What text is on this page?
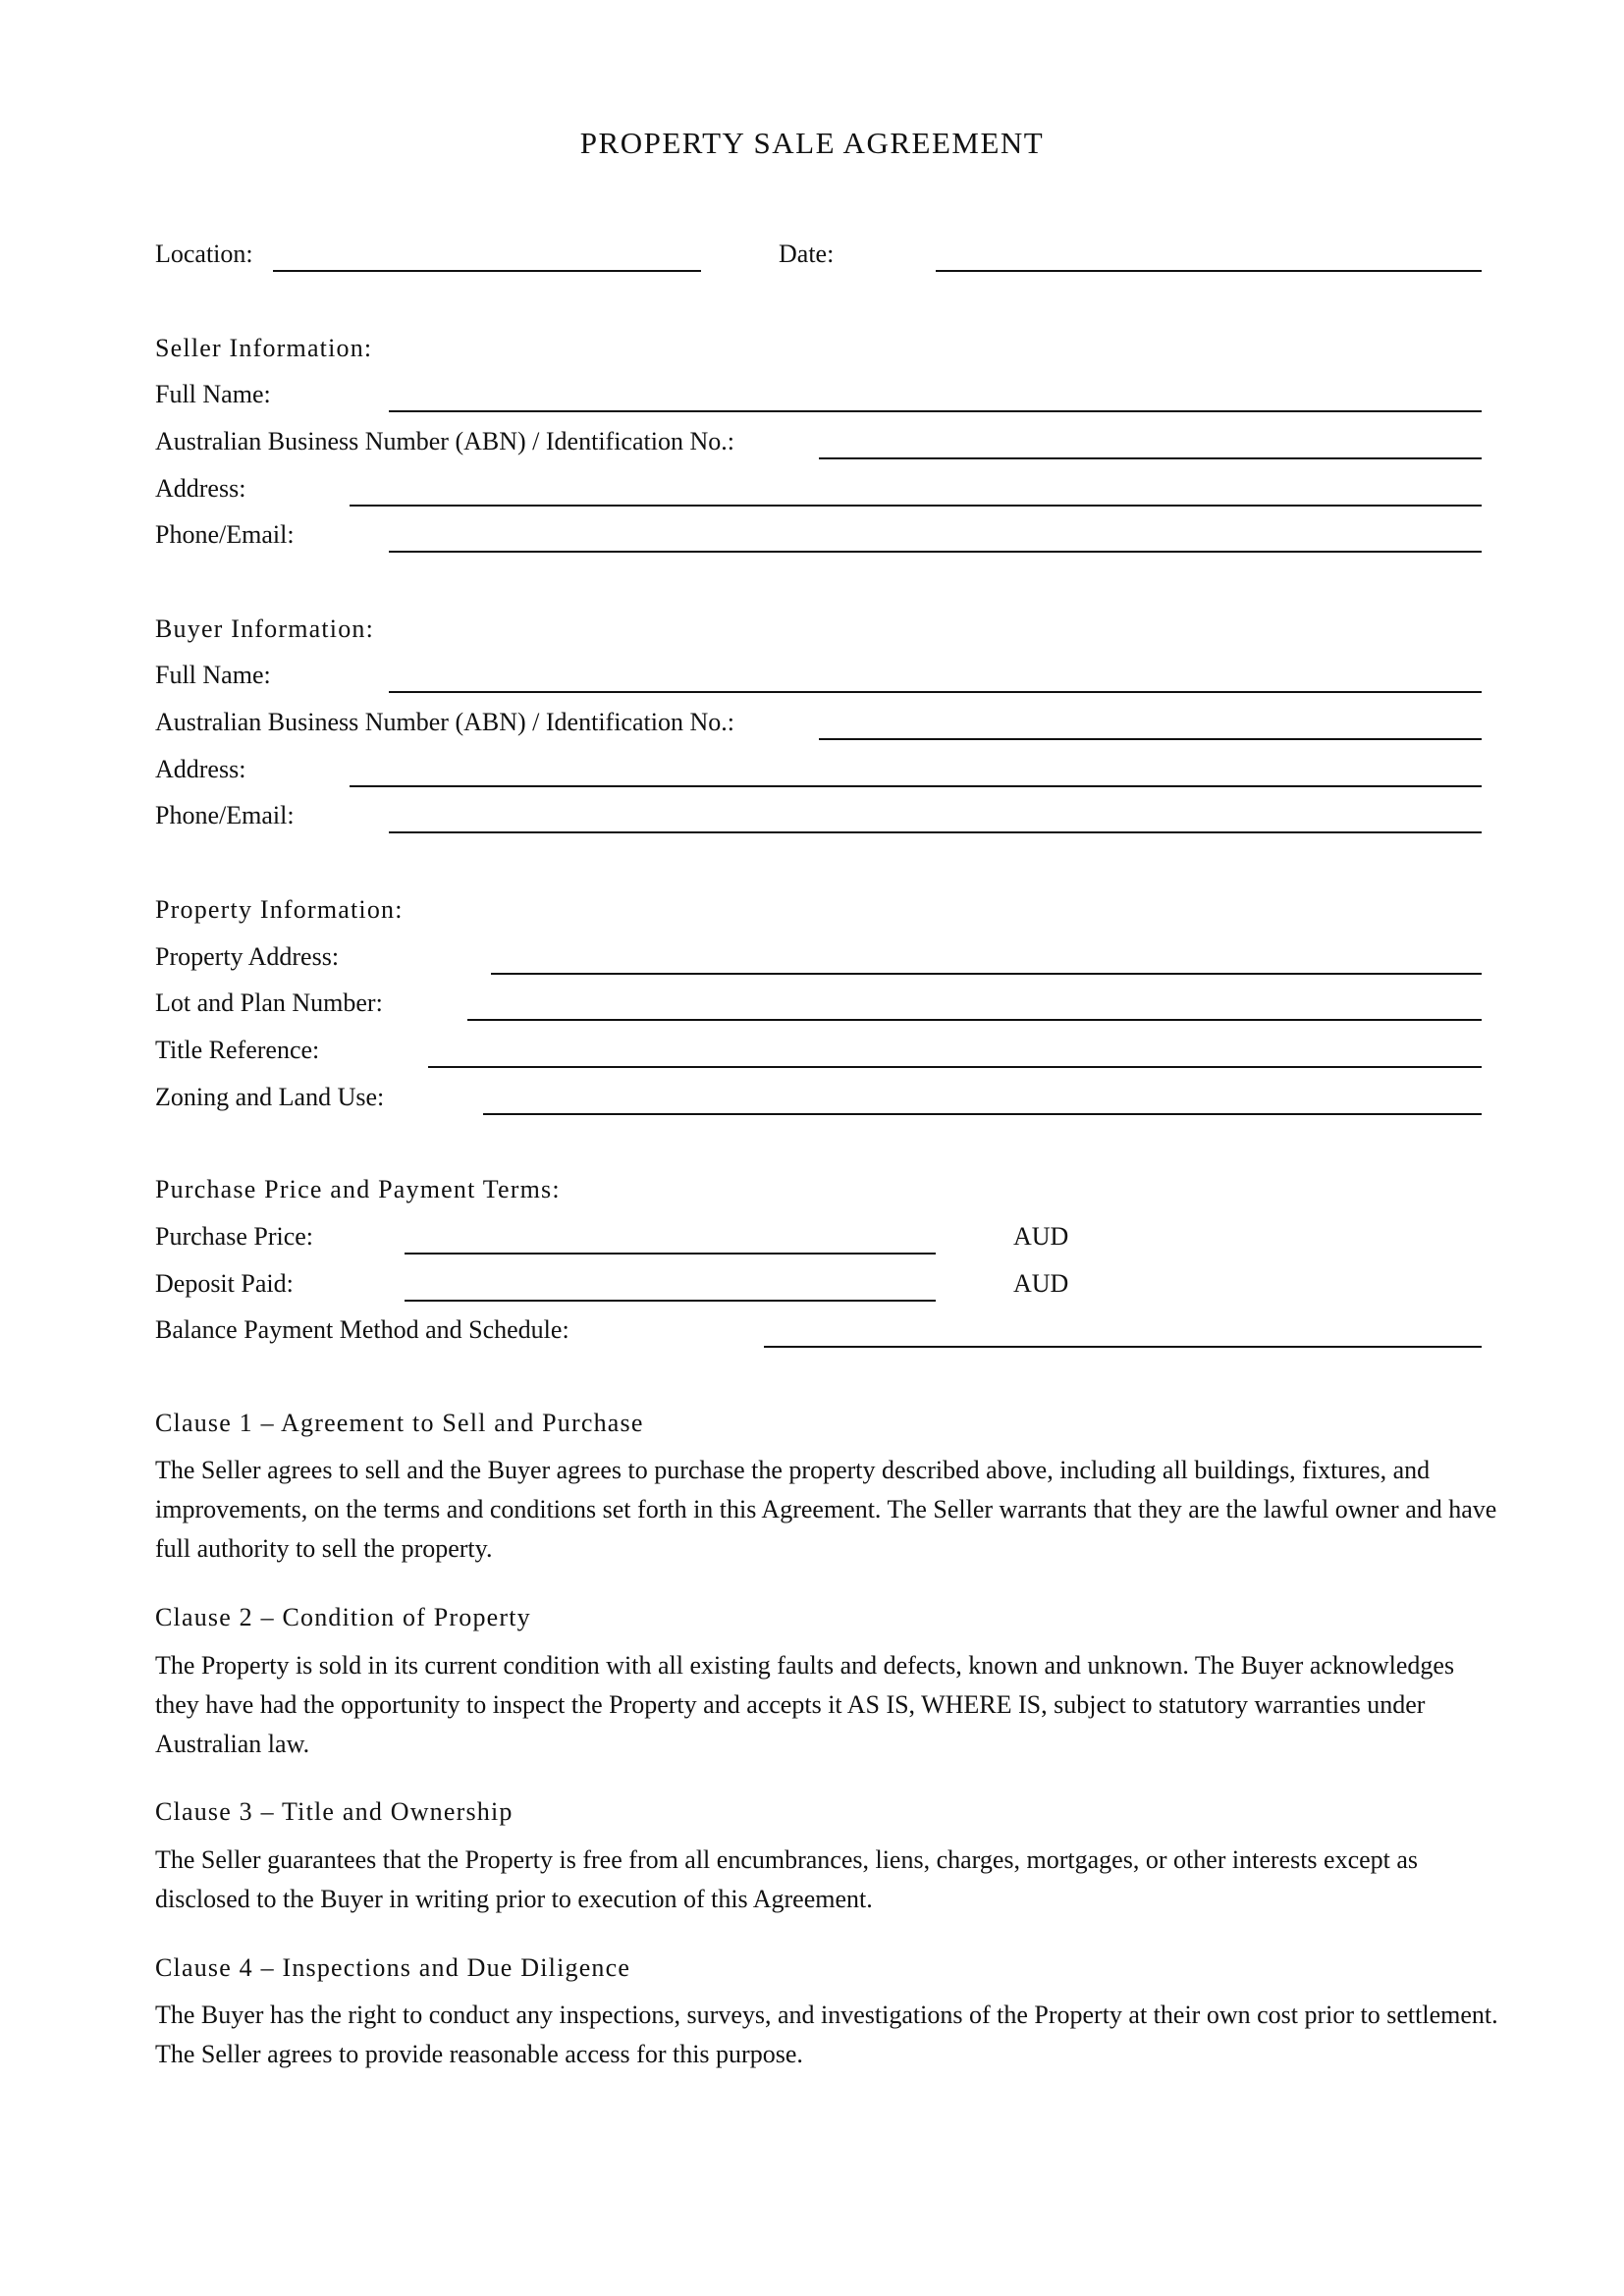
PROPERTY SALE AGREEMENT
Location:	Date:
Seller Information:
Full Name:
Australian Business Number (ABN) / Identification No.:
Address:
Phone/Email:
Buyer Information:
Full Name:
Australian Business Number (ABN) / Identification No.:
Address:
Phone/Email:
Property Information:
Property Address:
Lot and Plan Number:
Title Reference:
Zoning and Land Use:
Purchase Price and Payment Terms:
Purchase Price:	AUD
Deposit Paid:	AUD
Balance Payment Method and Schedule:
Clause 1 – Agreement to Sell and Purchase
The Seller agrees to sell and the Buyer agrees to purchase the property described above, including all buildings, fixtures, and improvements, on the terms and conditions set forth in this Agreement. The Seller warrants that they are the lawful owner and have full authority to sell the property.
Clause 2 – Condition of Property
The Property is sold in its current condition with all existing faults and defects, known and unknown. The Buyer acknowledges they have had the opportunity to inspect the Property and accepts it AS IS, WHERE IS, subject to statutory warranties under Australian law.
Clause 3 – Title and Ownership
The Seller guarantees that the Property is free from all encumbrances, liens, charges, mortgages, or other interests except as disclosed to the Buyer in writing prior to execution of this Agreement.
Clause 4 – Inspections and Due Diligence
The Buyer has the right to conduct any inspections, surveys, and investigations of the Property at their own cost prior to settlement. The Seller agrees to provide reasonable access for this purpose.
